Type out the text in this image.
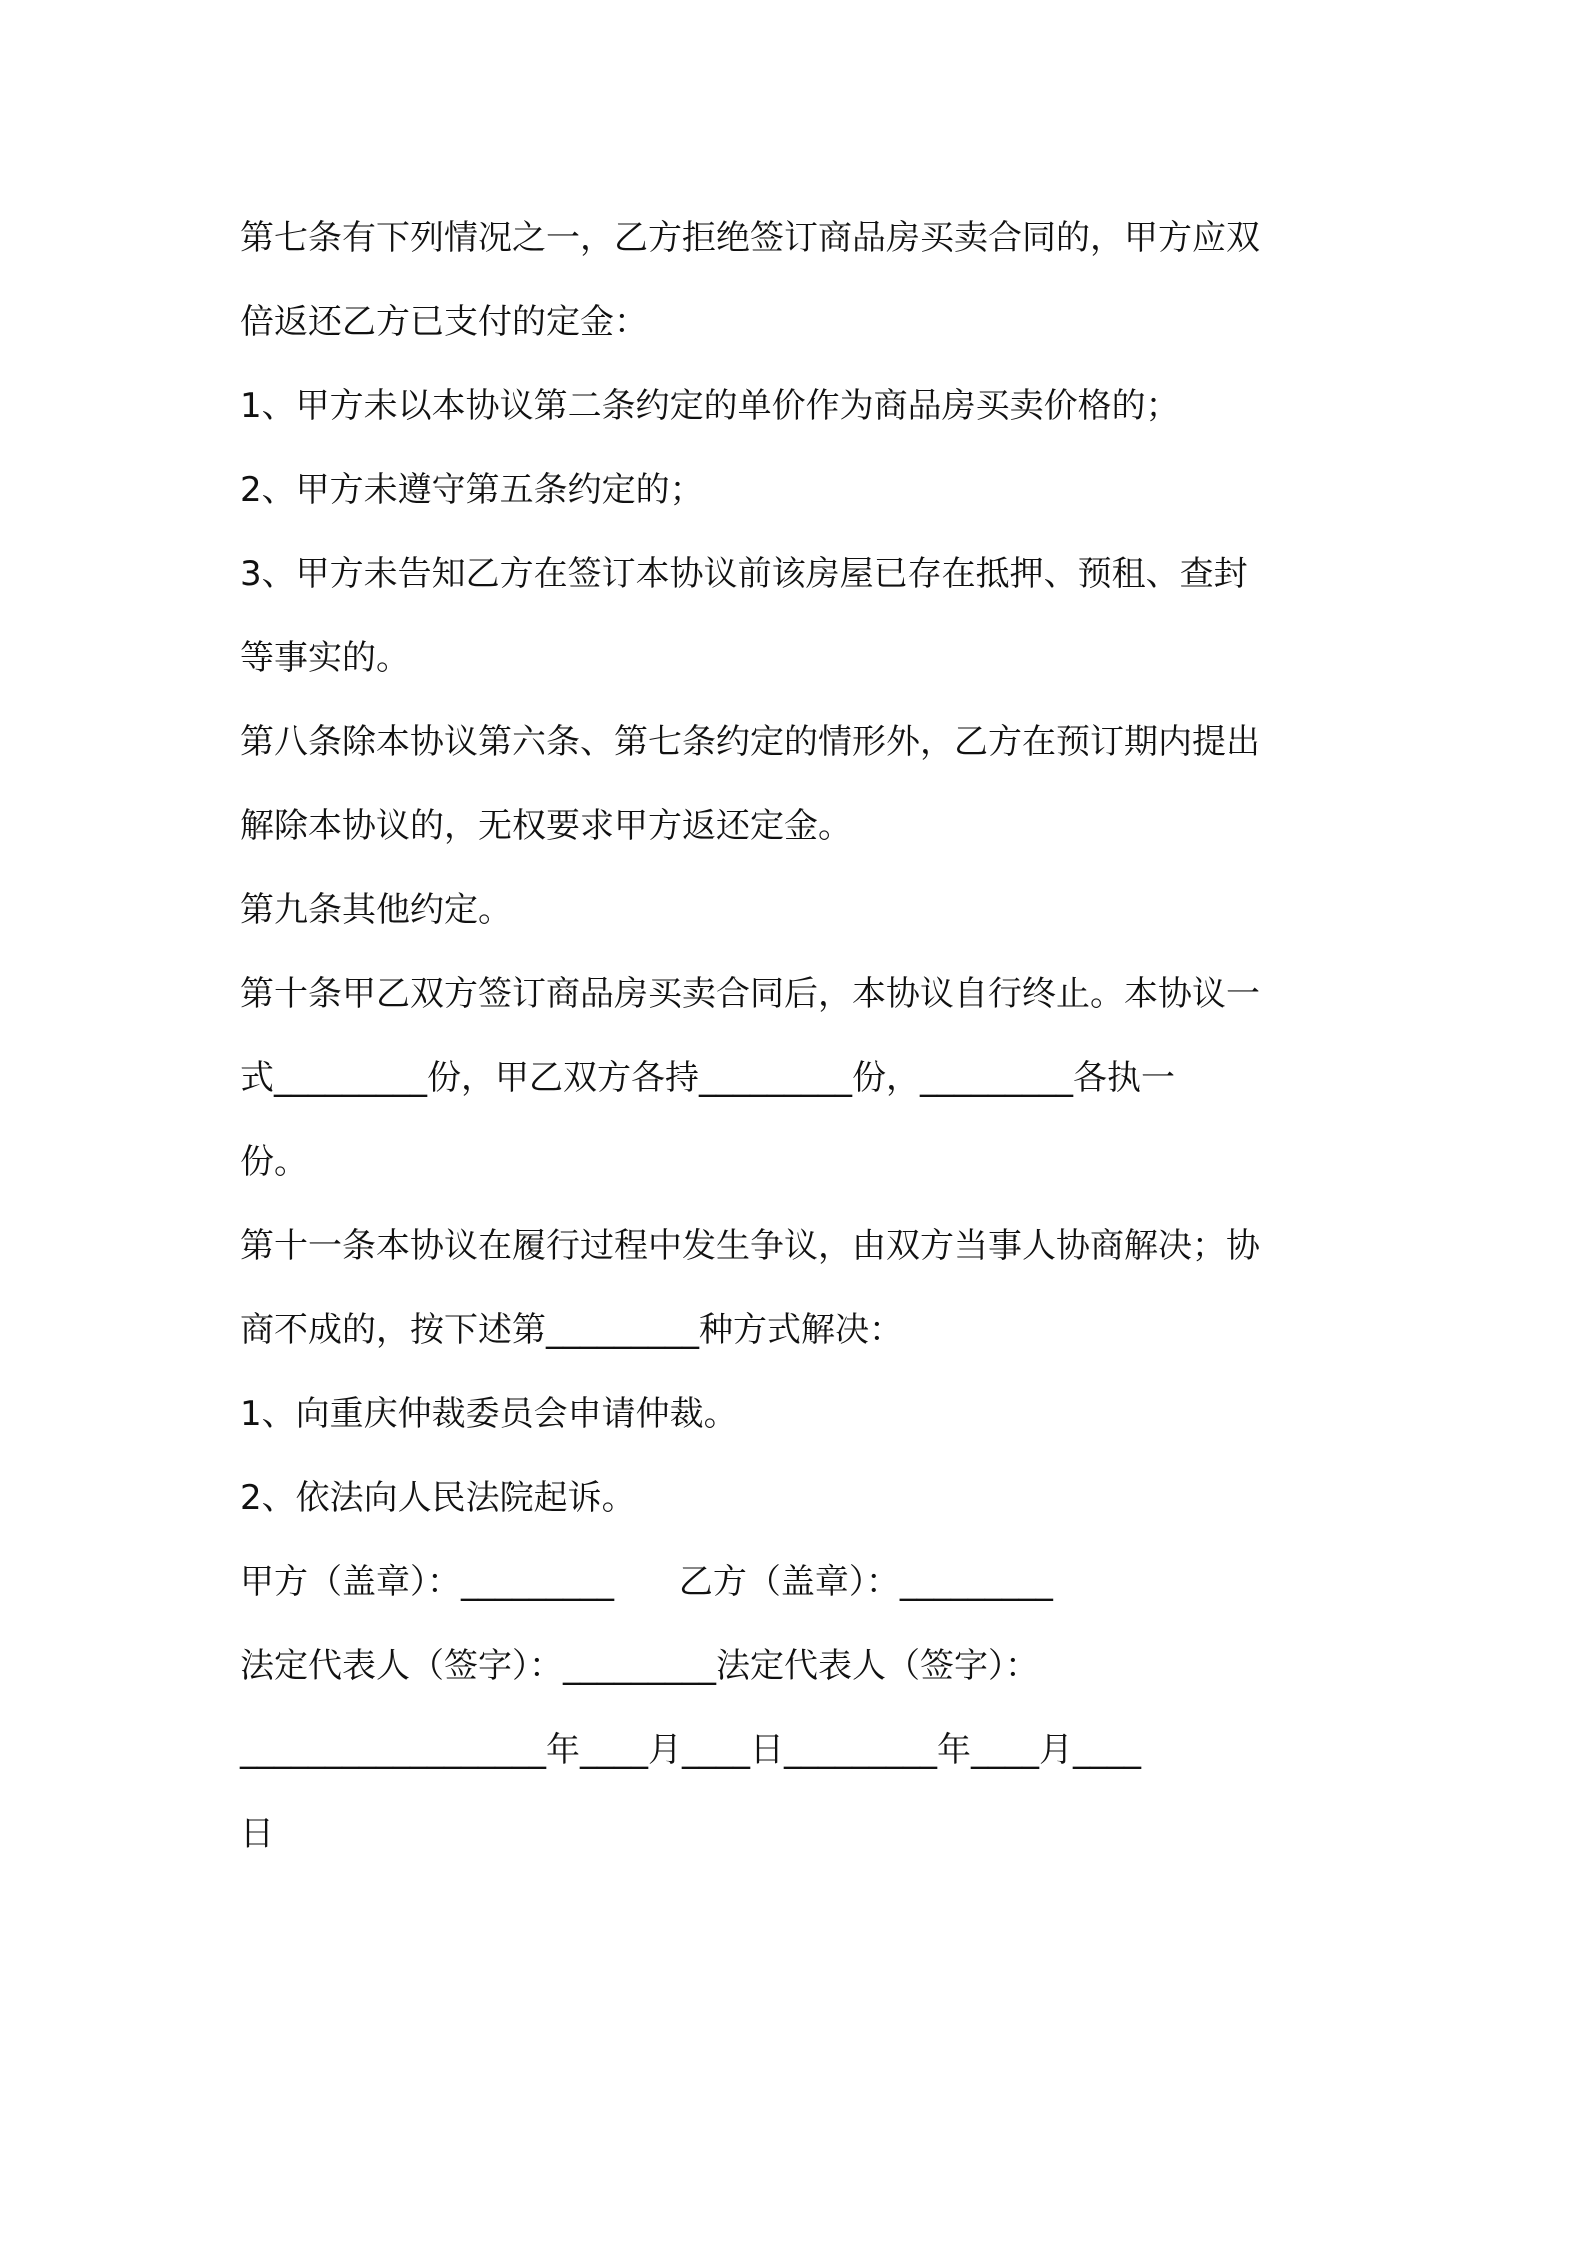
第七条有下列情况之一，乙方拒绝签订商品房买卖合同的，甲方应双
倍返还乙方已支付的定金：
1、甲方未以本协议第二条约定的单价作为商品房买卖价格的；
2、甲方未遵守第五条约定的；
3、甲方未告知乙方在签订本协议前该房屋已存在抵押、预租、查封
等事实的。
第八条除本协议第六条、第七条约定的情形外，乙方在预订期内提出
解除本协议的，无权要求甲方返还定金。
第九条其他约定。
第十条甲乙双方签订商品房买卖合同后，本协议自行终止。本协议一
式_________份，甲乙双方各持_________份，_________各执一
份。
第十一条本协议在履行过程中发生争议，由双方当事人协商解决；协
商不成的，按下述第_________种方式解决：
1、向重庆仲裁委员会申请仲裁。
2、依法向人民法院起诉。
甲方（盖章）：_________      乙方（盖章）：_________
法定代表人（签字）：_________法定代表人（签字）：
__________________年____月____日_________年____月____
日
